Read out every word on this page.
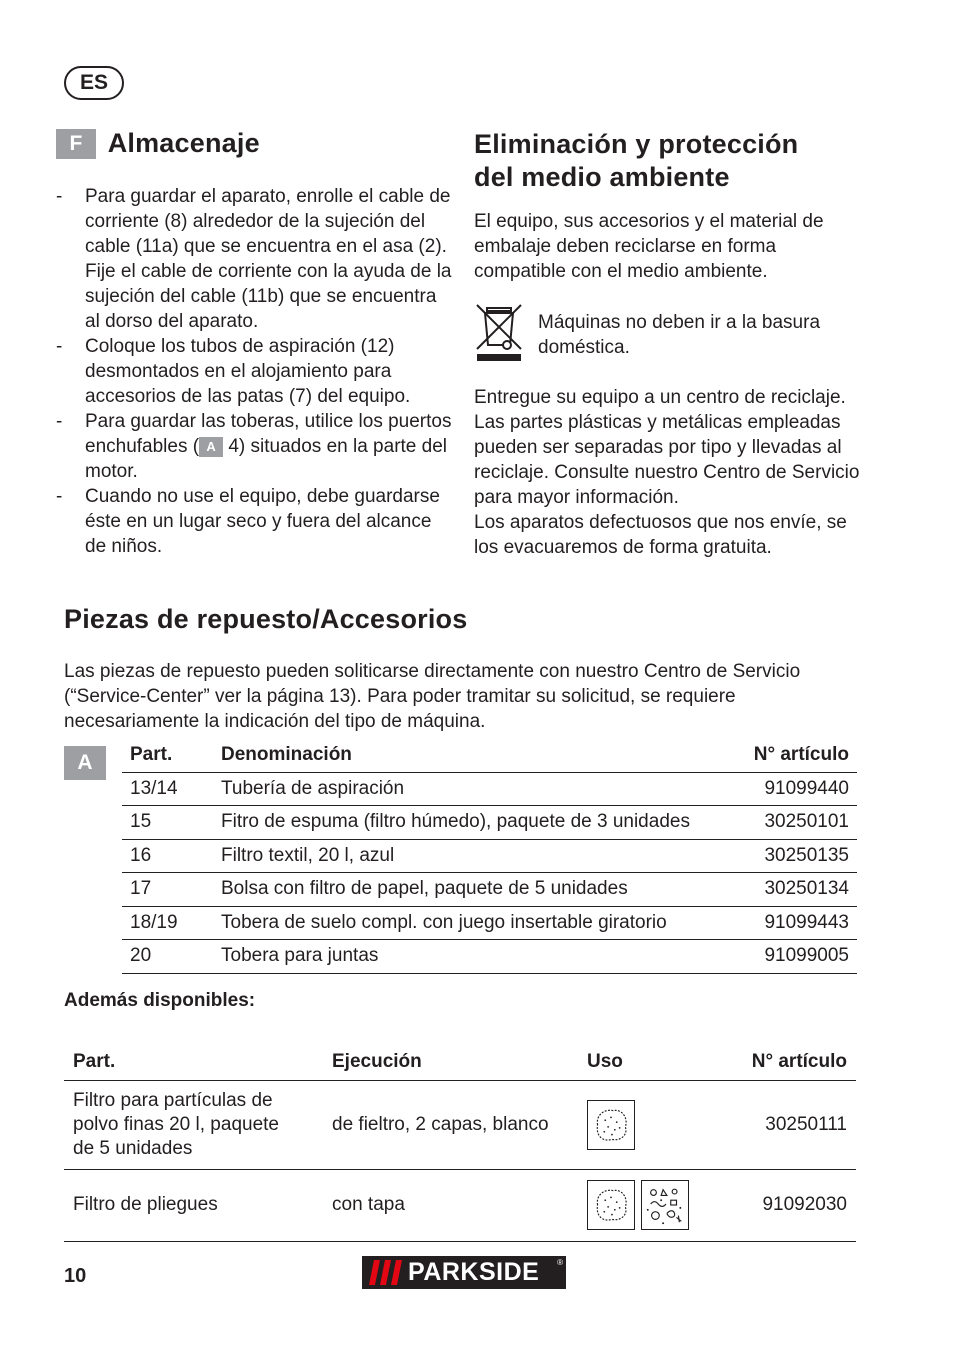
ES
F Almacenaje
- Para guardar el aparato, enrolle el cable de corriente (8) alrededor de la sujeción del cable (11a) que se encuentra en el asa (2).
Fije el cable de corriente con la ayuda de la sujeción del cable (11b) que se encuentra al dorso del aparato.
- Coloque los tubos de aspiración (12) desmontados en el alojamiento para accesorios de las patas (7) del equipo.
- Para guardar las toberas, utilice los puertos enchufables ( A 4) situados en la parte del motor.
- Cuando no use el equipo, debe guardarse éste en un lugar seco y fuera del alcance de niños.
Eliminación y protección
del medio ambiente
El equipo, sus accesorios y el material de embalaje deben reciclarse en forma compatible con el medio ambiente.
Máquinas no deben ir a la basura doméstica.
Entregue su equipo a un centro de reciclaje. Las partes plásticas y metálicas empleadas pueden ser separadas por tipo y llevadas al reciclaje. Consulte nuestro Centro de Servicio para mayor información.
Los aparatos defectuosos que nos envíe, se los evacuaremos de forma gratuita.
Piezas de repuesto/Accesorios
Las piezas de repuesto pueden soliticarse directamente con nuestro Centro de Servicio (“Service-Center” ver la página 13). Para poder tramitar su solicitud, se requiere necesariamente la indicación del tipo de máquina.
A	Part.	Denominación	N° artículo
13/14	Tubería de aspiración	91099440
15	Fitro de espuma (filtro húmedo), paquete de 3 unidades	30250101
16	Filtro textil, 20 l, azul	30250135
17	Bolsa con filtro de papel, paquete de 5 unidades	30250134
18/19	Tobera de suelo compl. con juego insertable giratorio	91099443
20	Tobera para juntas	91099005
Además disponibles:
Part.	Ejecución	Uso	N° artículo
Filtro para partículas de
polvo finas 20 l, paquete
de 5 unidades	de fieltro, 2 capas, blanco		30250111
Filtro de pliegues	con tapa		91092030
10	PARKSIDE ®
